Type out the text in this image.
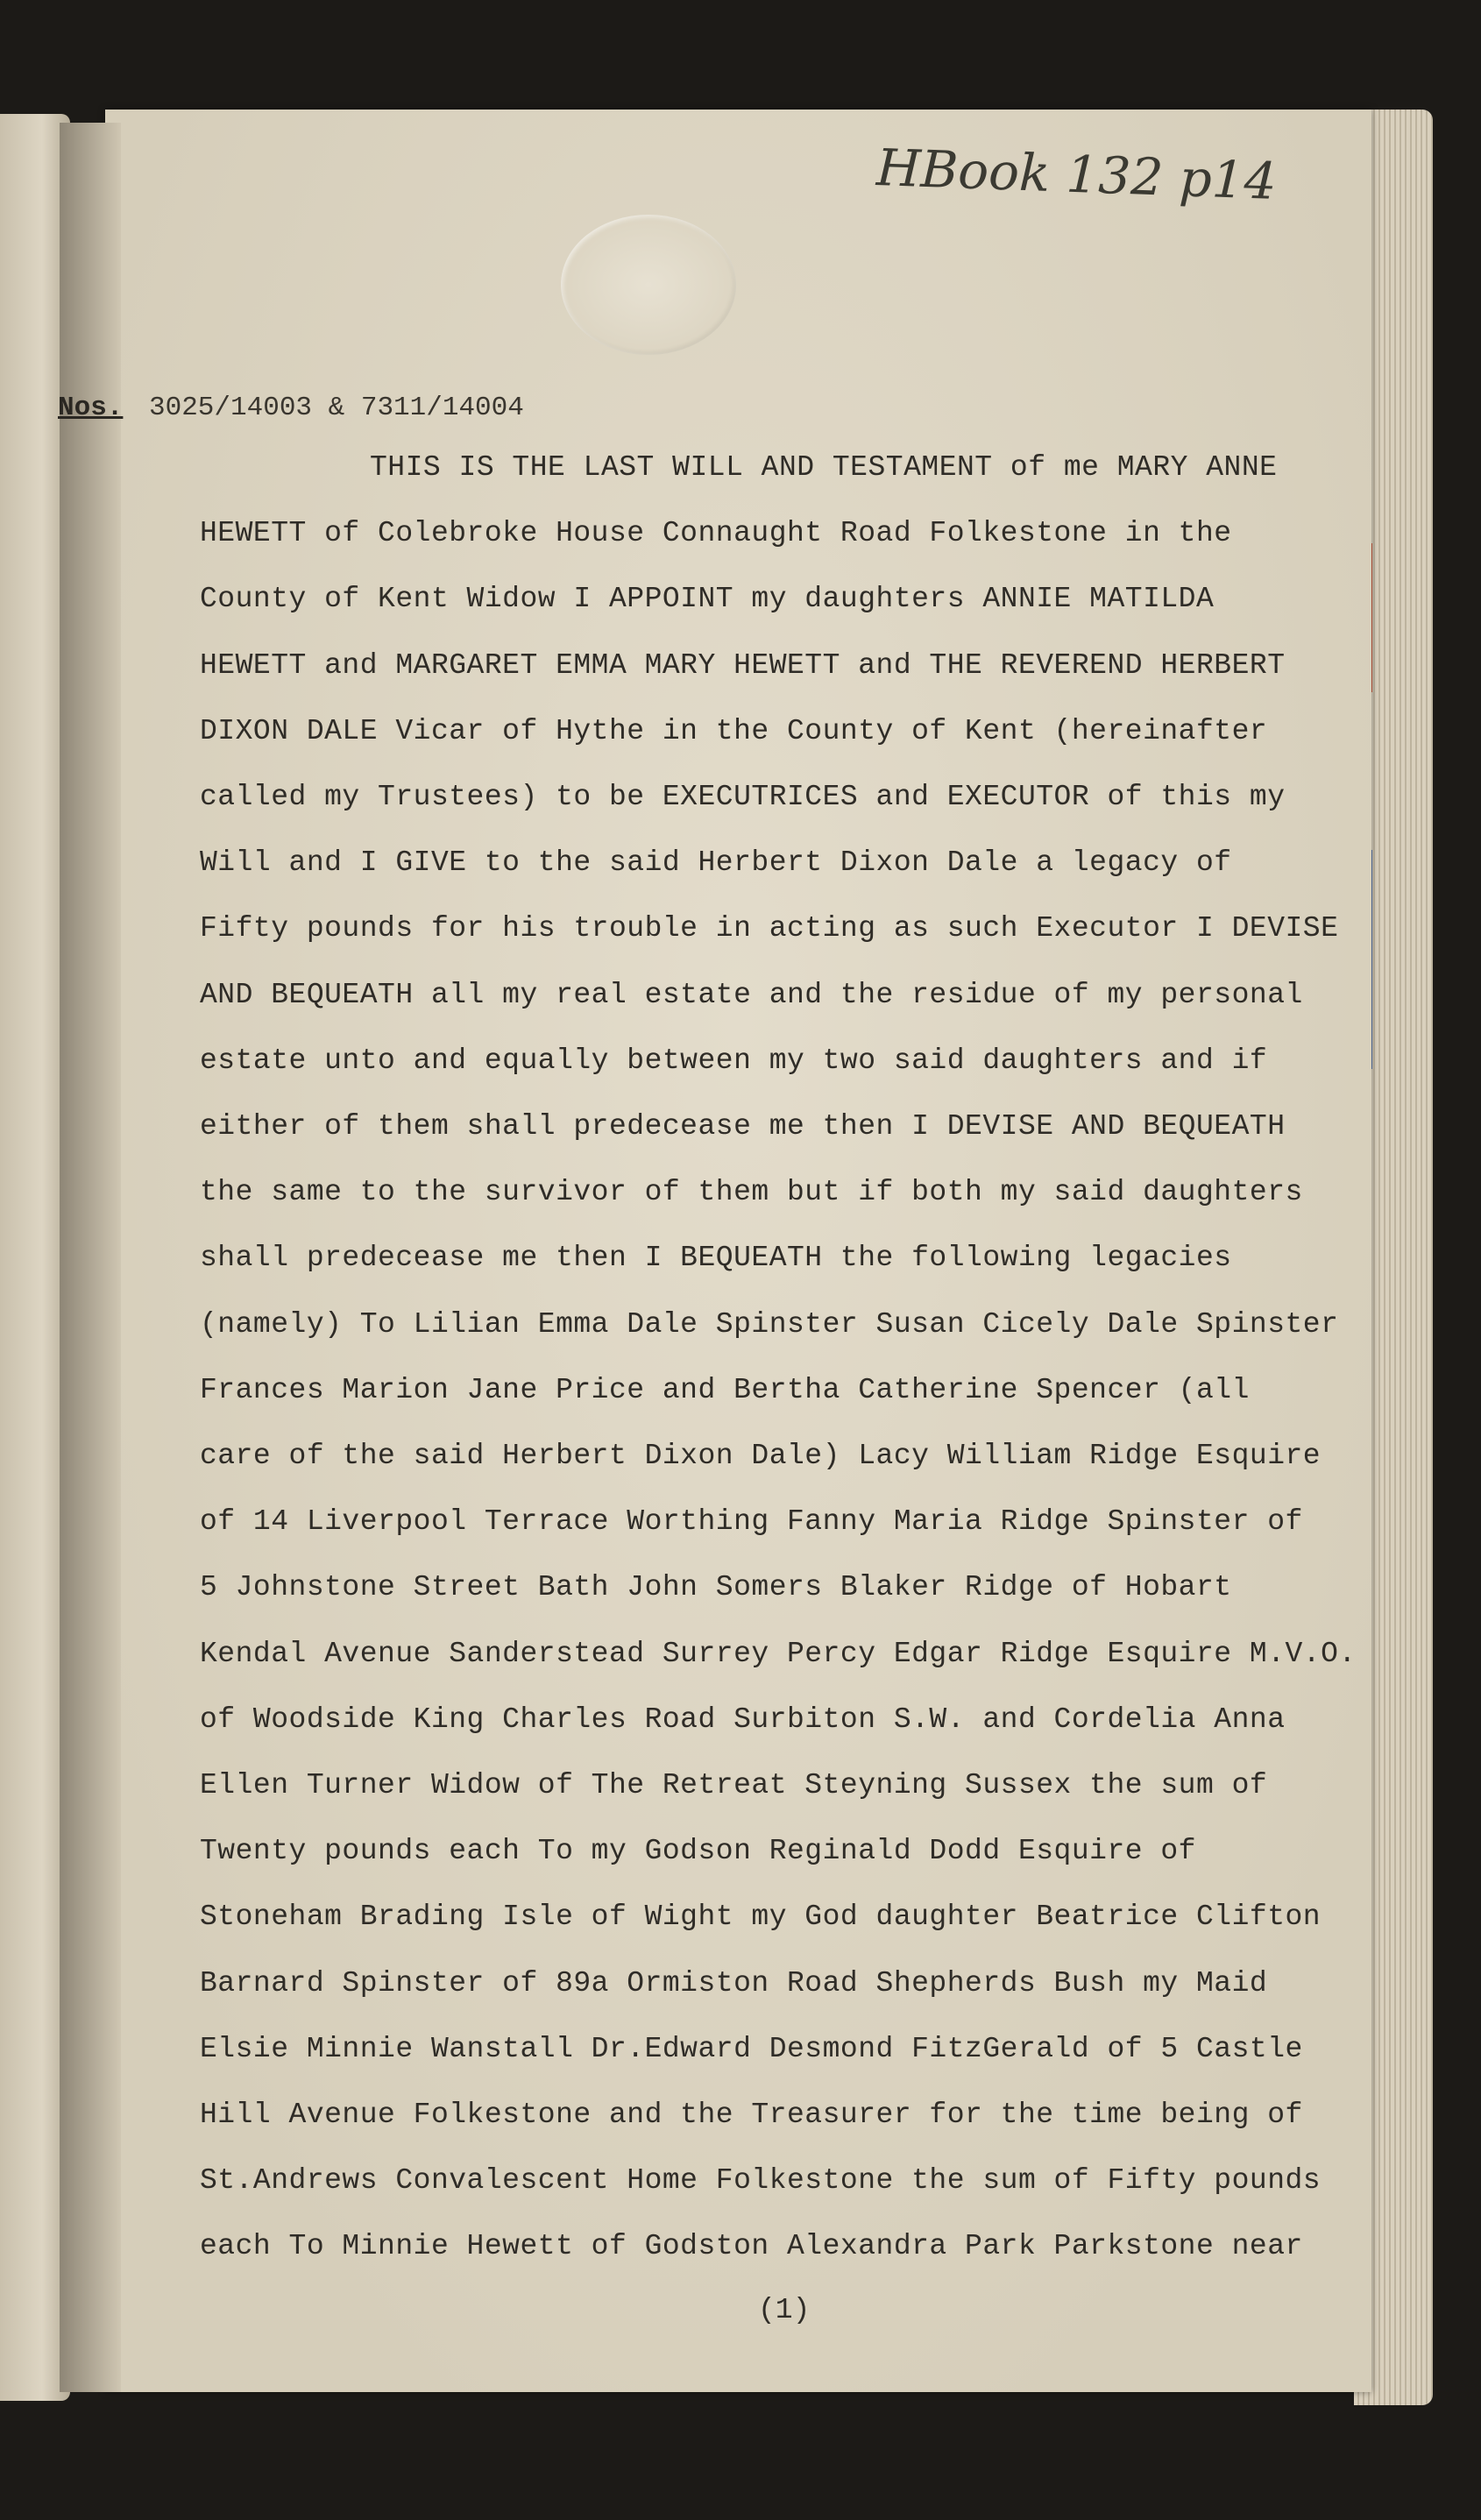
HBook 132 p14
Nos. 3025/14003 & 7311/14004
THIS IS THE LAST WILL AND TESTAMENT of me MARY ANNE
HEWETT of Colebroke House Connaught Road Folkestone in the
County of Kent Widow I APPOINT my daughters ANNIE MATILDA
HEWETT and MARGARET EMMA MARY HEWETT and THE REVEREND HERBERT
DIXON DALE Vicar of Hythe in the County of Kent (hereinafter
called my Trustees) to be EXECUTRICES and EXECUTOR of this my
Will and I GIVE to the said Herbert Dixon Dale a legacy of
Fifty pounds for his trouble in acting as such Executor I DEVISE
AND BEQUEATH all my real estate and the residue of my personal
estate unto and equally between my two said daughters and if
either of them shall predecease me then I DEVISE AND BEQUEATH
the same to the survivor of them but if both my said daughters
shall predecease me then I BEQUEATH the following legacies
(namely) To Lilian Emma Dale Spinster Susan Cicely Dale Spinster
Frances Marion Jane Price and Bertha Catherine Spencer (all
care of the said Herbert Dixon Dale) Lacy William Ridge Esquire
of 14 Liverpool Terrace Worthing Fanny Maria Ridge Spinster of
5 Johnstone Street Bath John Somers Blaker Ridge of Hobart
Kendal Avenue Sanderstead Surrey Percy Edgar Ridge Esquire M.V.O.
of Woodside King Charles Road Surbiton S.W. and Cordelia Anna
Ellen Turner Widow of The Retreat Steyning Sussex the sum of
Twenty pounds each To my Godson Reginald Dodd Esquire of
Stoneham Brading Isle of Wight my God daughter Beatrice Clifton
Barnard Spinster of 89a Ormiston Road Shepherds Bush my Maid
Elsie Minnie Wanstall Dr.Edward Desmond FitzGerald of 5 Castle
Hill Avenue Folkestone and the Treasurer for the time being of
St.Andrews Convalescent Home Folkestone the sum of Fifty pounds
each To Minnie Hewett of Godston Alexandra Park Parkstone near
(1)
